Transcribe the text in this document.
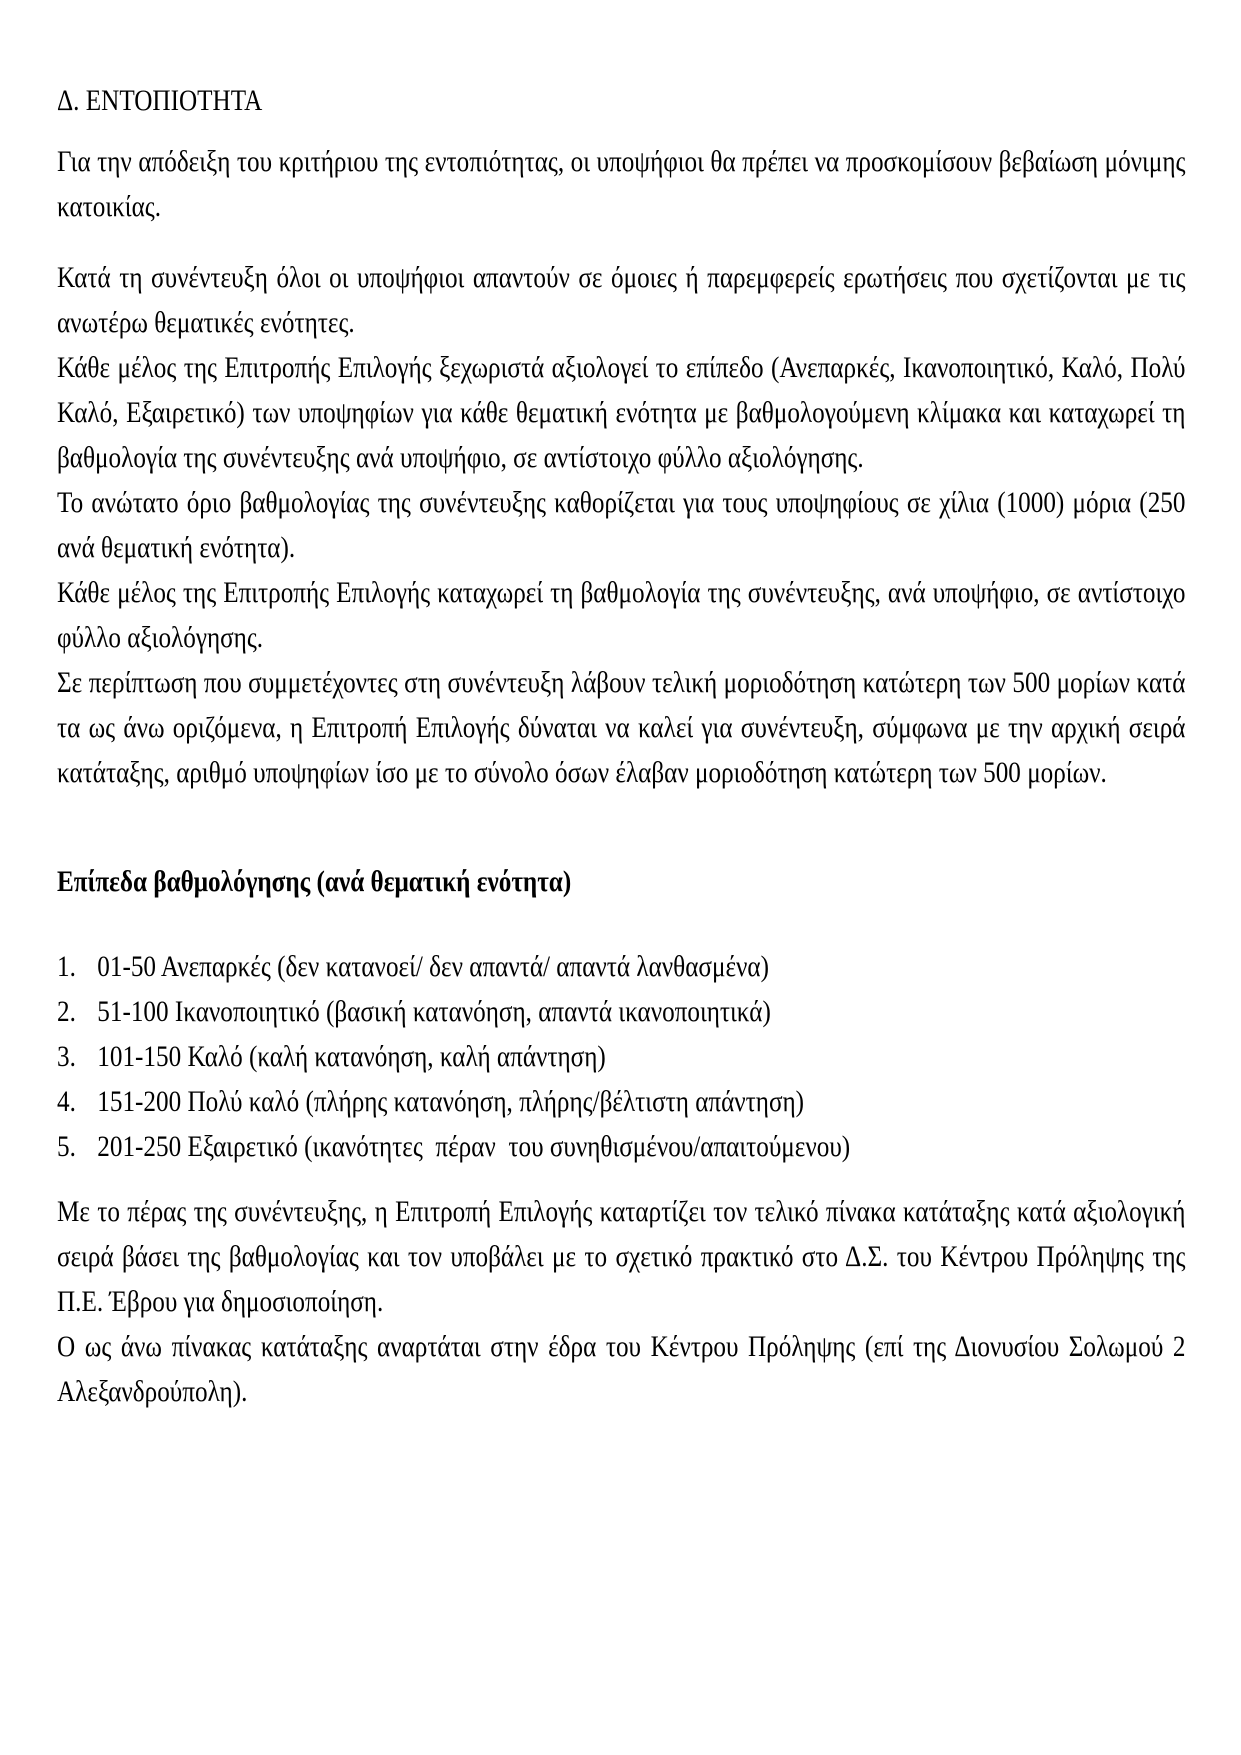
Δ. ΕΝΤΟΠΙΟΤΗΤΑ

Για την απόδειξη του κριτήριου της εντοπιότητας, οι υποψήφιοι θα πρέπει να προσκομίσουν βεβαίωση μόνιμης κατοικίας.

Κατά τη συνέντευξη όλοι οι υποψήφιοι απαντούν σε όμοιες ή παρεμφερείς ερωτήσεις που σχετίζονται με τις ανωτέρω θεματικές ενότητες.

Κάθε μέλος της Επιτροπής Επιλογής ξεχωριστά αξιολογεί το επίπεδο (Ανεπαρκές, Ικανοποιητικό, Καλό, Πολύ Καλό, Εξαιρετικό) των υποψηφίων για κάθε θεματική ενότητα με βαθμολογούμενη κλίμακα και καταχωρεί τη βαθμολογία της συνέντευξης ανά υποψήφιο, σε αντίστοιχο φύλλο αξιολόγησης.

Το ανώτατο όριο βαθμολογίας της συνέντευξης καθορίζεται για τους υποψηφίους σε χίλια (1000) μόρια (250 ανά θεματική ενότητα).

Κάθε μέλος της Επιτροπής Επιλογής καταχωρεί τη βαθμολογία της συνέντευξης, ανά υποψήφιο, σε αντίστοιχο φύλλο αξιολόγησης.

Σε περίπτωση που συμμετέχοντες στη συνέντευξη λάβουν τελική μοριοδότηση κατώτερη των 500 μορίων κατά τα ως άνω οριζόμενα, η Επιτροπή Επιλογής δύναται να καλεί για συνέντευξη, σύμφωνα με την αρχική σειρά κατάταξης, αριθμό υποψηφίων ίσο με το σύνολο όσων έλαβαν μοριοδότηση κατώτερη των 500 μορίων.

Επίπεδα βαθμολόγησης (ανά θεματική ενότητα)

1. 01-50 Ανεπαρκές (δεν κατανοεί/ δεν απαντά/ απαντά λανθασμένα)
2. 51-100 Ικανοποιητικό (βασική κατανόηση, απαντά ικανοποιητικά)
3. 101-150 Καλό (καλή κατανόηση, καλή απάντηση)
4. 151-200 Πολύ καλό (πλήρης κατανόηση, πλήρης/βέλτιστη απάντηση)
5. 201-250 Εξαιρετικό (ικανότητες  πέραν  του συνηθισμένου/απαιτούμενου)

Με το πέρας της συνέντευξης, η Επιτροπή Επιλογής καταρτίζει τον τελικό πίνακα κατάταξης κατά αξιολογική σειρά βάσει της βαθμολογίας και τον υποβάλει με το σχετικό πρακτικό στο Δ.Σ. του Κέντρου Πρόληψης της Π.Ε. Έβρου για δημοσιοποίηση.

Ο ως άνω πίνακας κατάταξης αναρτάται στην έδρα του Κέντρου Πρόληψης (επί της Διονυσίου Σολωμού 2 Αλεξανδρούπολη).
